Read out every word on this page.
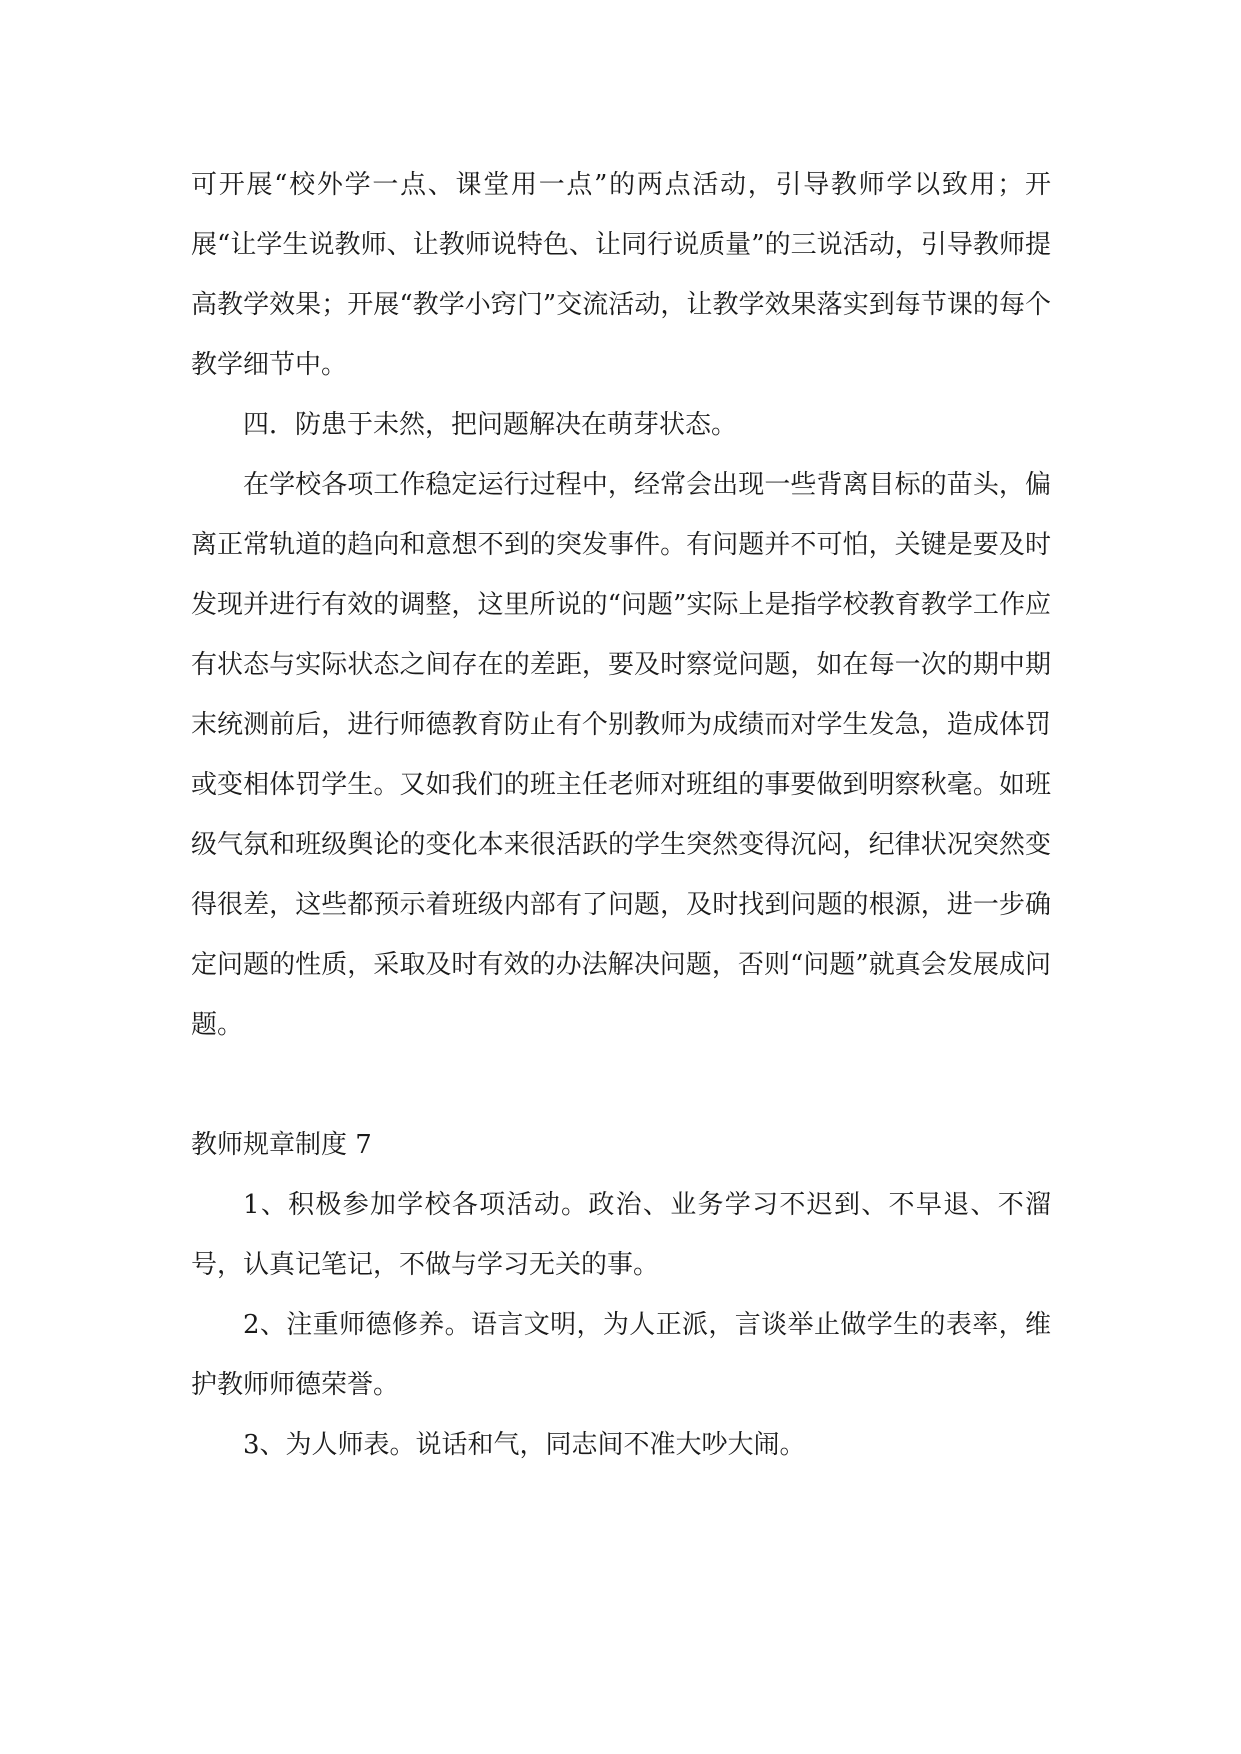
可开展“校外学一点、课堂用一点”的两点活动，引导教师学以致用；开展“让学生说教师、让教师说特色、让同行说质量”的三说活动，引导教师提高教学效果；开展“教学小窍门”交流活动，让教学效果落实到每节课的每个教学细节中。

四．防患于未然，把问题解决在萌芽状态。

在学校各项工作稳定运行过程中，经常会出现一些背离目标的苗头，偏离正常轨道的趋向和意想不到的突发事件。有问题并不可怕，关键是要及时发现并进行有效的调整，这里所说的“问题”实际上是指学校教育教学工作应有状态与实际状态之间存在的差距，要及时察觉问题，如在每一次的期中期末统测前后，进行师德教育防止有个别教师为成绩而对学生发急，造成体罚或变相体罚学生。又如我们的班主任老师对班组的事要做到明察秋毫。如班级气氛和班级舆论的变化本来很活跃的学生突然变得沉闷，纪律状况突然变得很差，这些都预示着班级内部有了问题，及时找到问题的根源，进一步确定问题的性质，采取及时有效的办法解决问题，否则“问题”就真会发展成问题。

教师规章制度 7

1、积极参加学校各项活动。政治、业务学习不迟到、不早退、不溜号，认真记笔记，不做与学习无关的事。

2、注重师德修养。语言文明，为人正派，言谈举止做学生的表率，维护教师师德荣誉。

3、为人师表。说话和气，同志间不准大吵大闹。
